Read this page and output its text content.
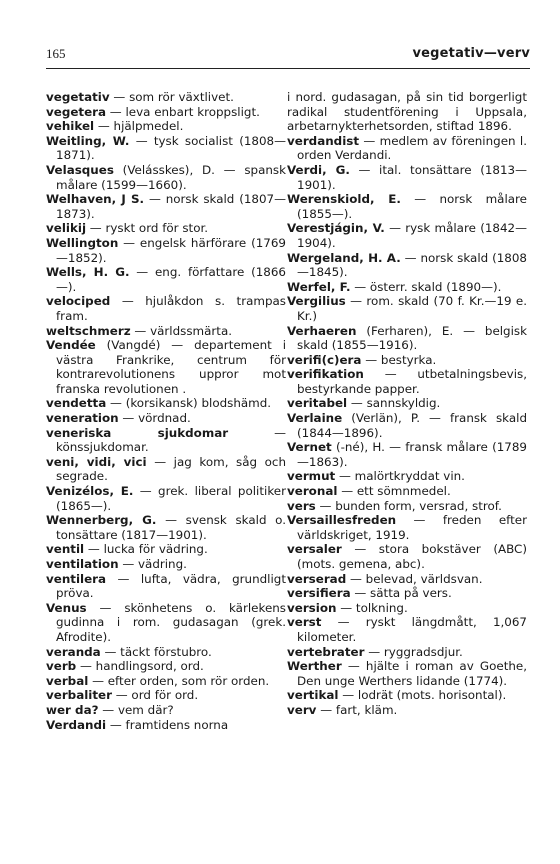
165	vegetativ—verv

vegetativ — som rör växtlivet.

vegetera — leva enbart kroppsligt.

vehikel — hjälpmedel.

Weitling, W. — tysk socialist (1808—1871).

Velasques (Velásskes), D. — spansk målare (1599—1660).

Welhaven, J S. — norsk skald (1807—1873).

velikij — ryskt ord för stor.

Wellington — engelsk härförare (1769—1852).

Wells, H. G. — eng. författare (1866—).

velociped — hjulåkdon s. trampas fram.

weltschmerz — världssmärta.

Vendée (Vangdé) — departement i västra Frankrike, centrum för kontrarevolutionens uppror mot franska revolutionen .

vendetta — (korsikansk) blodshämd.

veneration — vördnad.

veneriska sjukdomar — könssjukdomar.

veni, vidi, vici — jag kom, såg och segrade.

Venizélos, E. — grek. liberal politiker (1865—).

Wennerberg, G. — svensk skald o. tonsättare (1817—1901).

ventil — lucka för vädring.

ventilation — vädring.

ventilera — lufta, vädra, grundligt pröva.

Venus — skönhetens o. kärlekens gudinna i rom. gudasagan (grek. Afrodite).

veranda — täckt förstubro.

verb — handlingsord, ord.

verbal — efter orden, som rör orden.

verbaliter — ord för ord.

wer da? — vem där?

Verdandi — framtidens norna

i nord. gudasagan, på sin tid borgerligt radikal studentförening i Uppsala, arbetarnykterhetsorden, stiftad 1896.

verdandist — medlem av föreningen l. orden Verdandi.

Verdi, G. — ital. tonsättare (1813—1901).

Werenskiold, E. — norsk målare (1855—).

Verestjágin, V. — rysk målare (1842—1904).

Wergeland, H. A. — norsk skald (1808—1845).

Werfel, F. — österr. skald (1890—).

Vergilius — rom. skald (70 f. Kr.—19 e. Kr.)

Verhaeren (Ferharen), E. — belgisk skald (1855—1916).

verifi(c)era — bestyrka.

verifikation — utbetalningsbevis, bestyrkande papper.

veritabel — sannskyldig.

Verlaine (Verlän), P. — fransk skald (1844—1896).

Vernet (-né), H. — fransk målare (1789—1863).

vermut — malörtkryddat vin.

veronal — ett sömnmedel.

vers — bunden form, versrad, strof.

Versaillesfreden — freden efter världskriget, 1919.

versaler — stora bokstäver (ABC) (mots. gemena, abc).

verserad — belevad, världsvan.

versifiera — sätta på vers.

version — tolkning.

verst — ryskt längdmått, 1,067 kilometer.

vertebrater — ryggradsdjur.

Werther — hjälte i roman av Goethe, Den unge Werthers lidande (1774).

vertikal — lodrät (mots. horisontal).

verv — fart, kläm.
